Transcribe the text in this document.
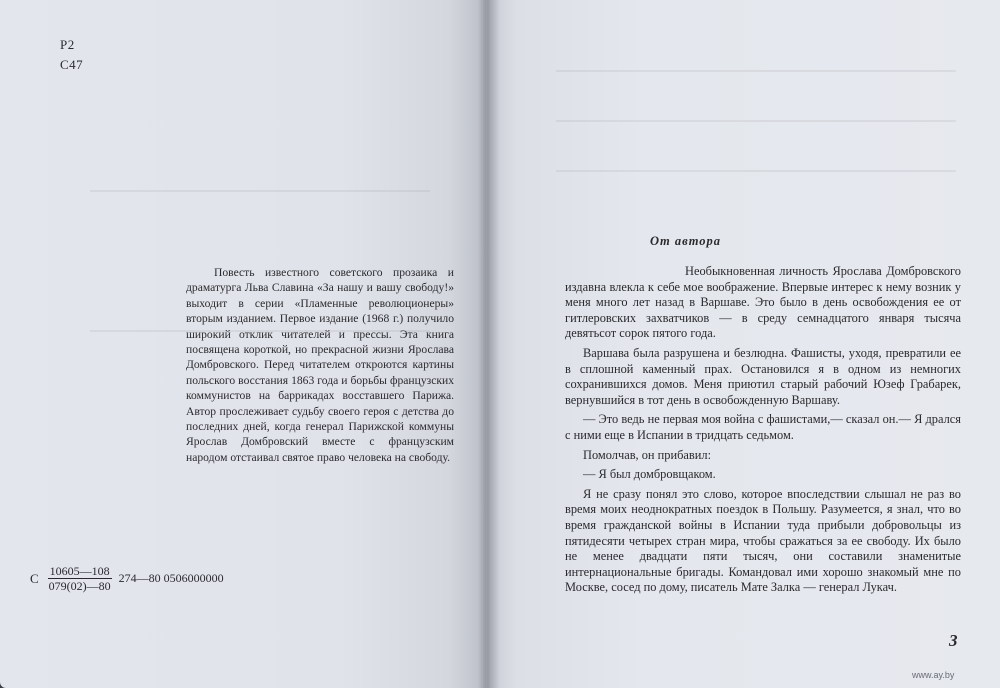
Р2
С47

Повесть известного советского прозаика и драматурга Льва Славина «За нашу и вашу свободу!» выходит в серии «Пламенные революционеры» вторым изданием. Первое издание (1968 г.) получило широкий отклик читателей и прессы. Эта книга посвящена короткой, но прекрасной жизни Ярослава Домбровского. Перед читателем откроются картины польского восстания 1863 года и борьбы французских коммунистов на баррикадах восставшего Парижа. Автор прослеживает судьбу своего героя с детства до последних дней, когда генерал Парижской коммуны Ярослав Домбровский вместе с французским народом отстаивал святое право человека на свободу.

С $\frac{10605—108}{079(02)—80}$ 274—80 0506000000
От автора

Необыкновенная личность Ярослава Домбровского издавна влекла к себе мое воображение. Впервые интерес к нему возник у меня много лет назад в Варшаве. Это было в день освобождения ее от гитлеровских захватчиков — в среду семнадцатого января тысяча девятьсот сорок пятого года.

Варшава была разрушена и безлюдна. Фашисты, уходя, превратили ее в сплошной каменный прах. Остановился я в одном из немногих сохранившихся домов. Меня приютил старый рабочий Юзеф Грабарек, вернувшийся в тот день в освобожденную Варшаву.

— Это ведь не первая моя война с фашистами,— сказал он.— Я дрался с ними еще в Испании в тридцать седьмом.

Помолчав, он прибавил:

— Я был домбровщаком.

Я не сразу понял это слово, которое впоследствии слышал не раз во время моих неоднократных поездок в Польшу. Разумеется, я знал, что во время гражданской войны в Испании туда прибыли добровольцы из пятидесяти четырех стран мира, чтобы сражаться за ее свободу. Их было не менее двадцати пяти тысяч, они составили знаменитые интернациональные бригады. Командовал ими хорошо знакомый мне по Москве, сосед по дому, писатель Мате Залка — генерал Лукач.

3
www.ay.by
